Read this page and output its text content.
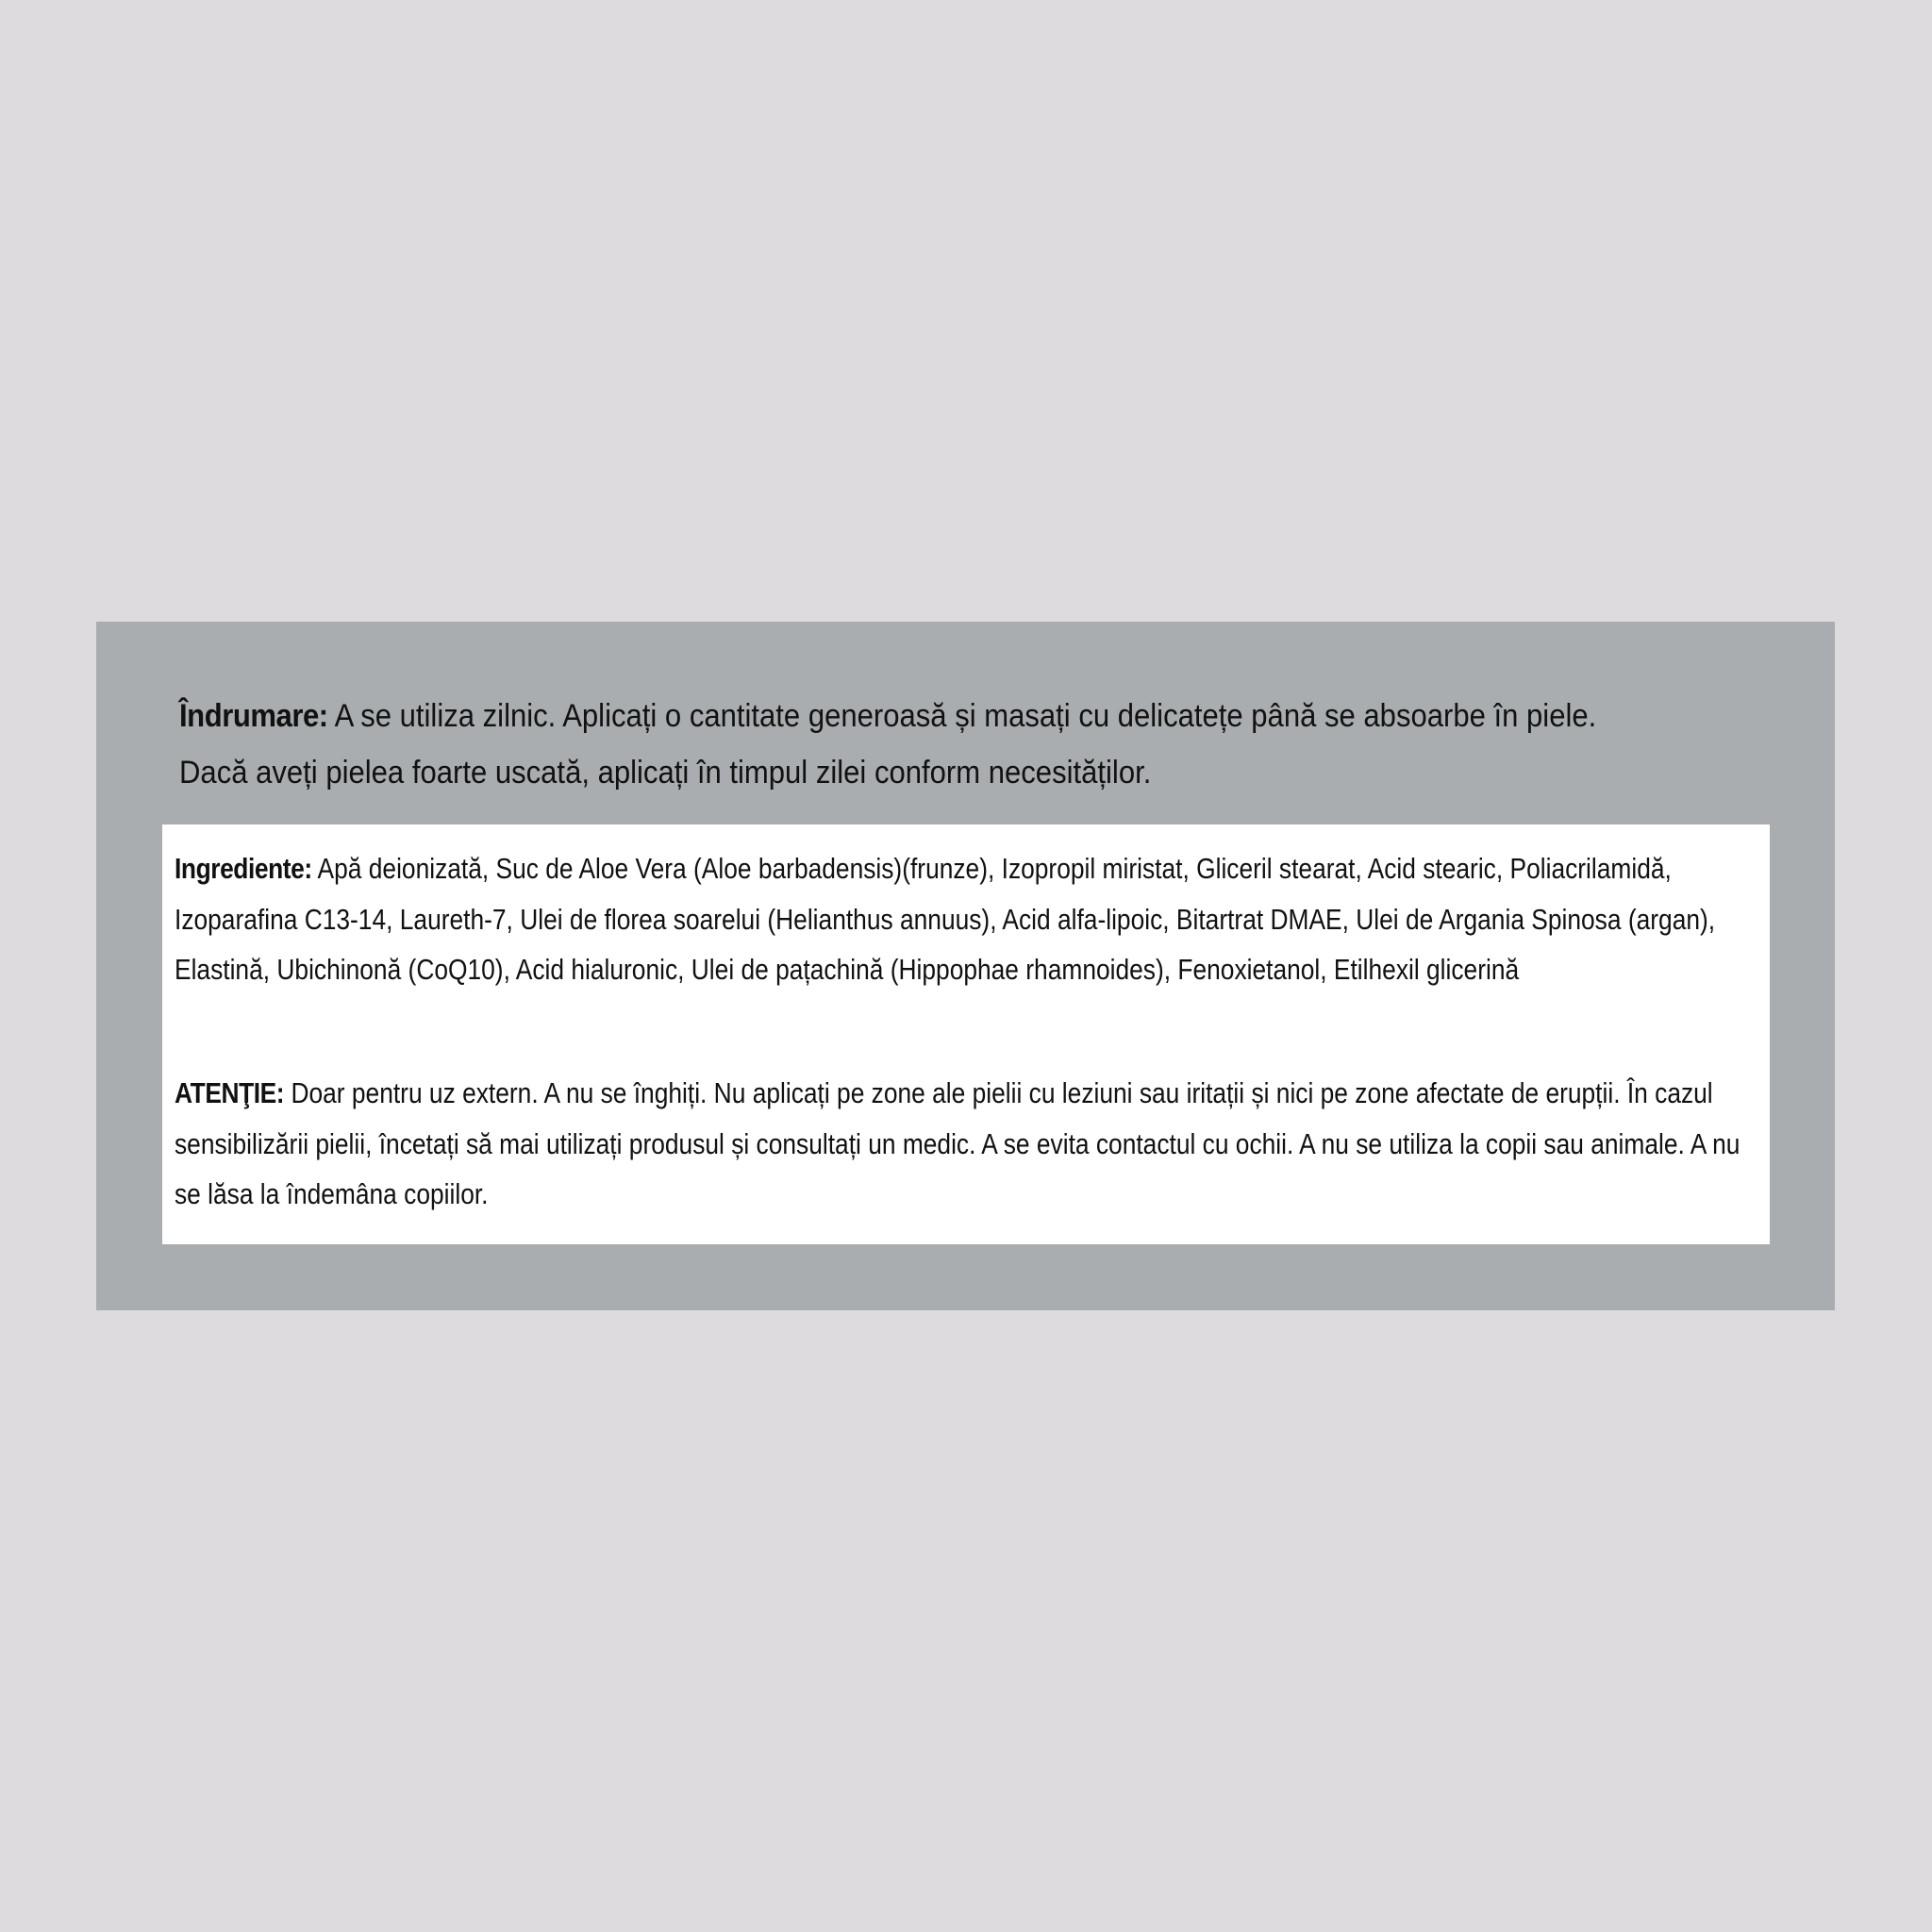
Îndrumare: A se utiliza zilnic. Aplicați o cantitate generoasă și masați cu delicatețe până se absoarbe în piele. Dacă aveți pielea foarte uscată, aplicați în timpul zilei conform necesităților.

Ingrediente: Apă deionizată, Suc de Aloe Vera (Aloe barbadensis)(frunze), Izopropil miristat, Gliceril stearat, Acid stearic, Poliacrilamidă, Izoparafina C13-14, Laureth-7, Ulei de florea soarelui (Helianthus annuus), Acid alfa-lipoic, Bitartrat DMAE, Ulei de Argania Spinosa (argan), Elastină, Ubichinonă (CoQ10), Acid hialuronic, Ulei de pațachină (Hippophae rhamnoides), Fenoxietanol, Etilhexil glicerină

ATENŢIE: Doar pentru uz extern. A nu se înghiți. Nu aplicați pe zone ale pielii cu leziuni sau iritații și nici pe zone afectate de erupții. În cazul sensibilizării pielii, încetați să mai utilizați produsul și consultați un medic. A se evita contactul cu ochii. A nu se utiliza la copii sau animale. A nu se lăsa la îndemâna copiilor.
